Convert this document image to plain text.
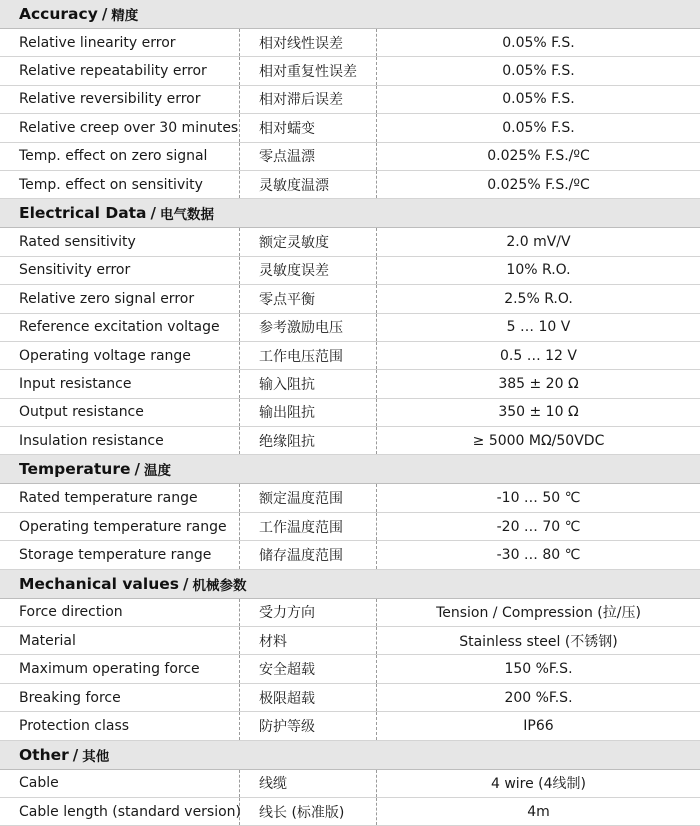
Accuracy / 精度
Relative linearity error	相对线性误差	0.05% F.S.
Relative repeatability error	相对重复性误差	0.05% F.S.
Relative reversibility error	相对滞后误差	0.05% F.S.
Relative creep over 30 minutes	相对蠕变	0.05% F.S.
Temp. effect on zero signal	零点温漂	0.025% F.S./ºC
Temp. effect on sensitivity	灵敏度温漂	0.025% F.S./ºC
Electrical Data / 电气数据
Rated sensitivity	额定灵敏度	2.0 mV/V
Sensitivity error	灵敏度误差	10% R.O.
Relative zero signal error	零点平衡	2.5% R.O.
Reference excitation voltage	参考激励电压	5 … 10 V
Operating voltage range	工作电压范围	0.5 … 12 V
Input resistance	输入阻抗	385 ± 20 Ω
Output resistance	输出阻抗	350 ± 10 Ω
Insulation resistance	绝缘阻抗	≥ 5000 MΩ/50VDC
Temperature / 温度
Rated temperature range	额定温度范围	-10 … 50 ℃
Operating temperature range	工作温度范围	-20 … 70 ℃
Storage temperature range	储存温度范围	-30 … 80 ℃
Mechanical values / 机械参数
Force direction	受力方向	Tension / Compression (拉/压)
Material	材料	Stainless steel (不锈钢)
Maximum operating force	安全超载	150 %F.S.
Breaking force	极限超载	200 %F.S.
Protection class	防护等级	IP66
Other / 其他
Cable	线缆	4 wire (4线制)
Cable length (standard version)	线长 (标准版)	4m
